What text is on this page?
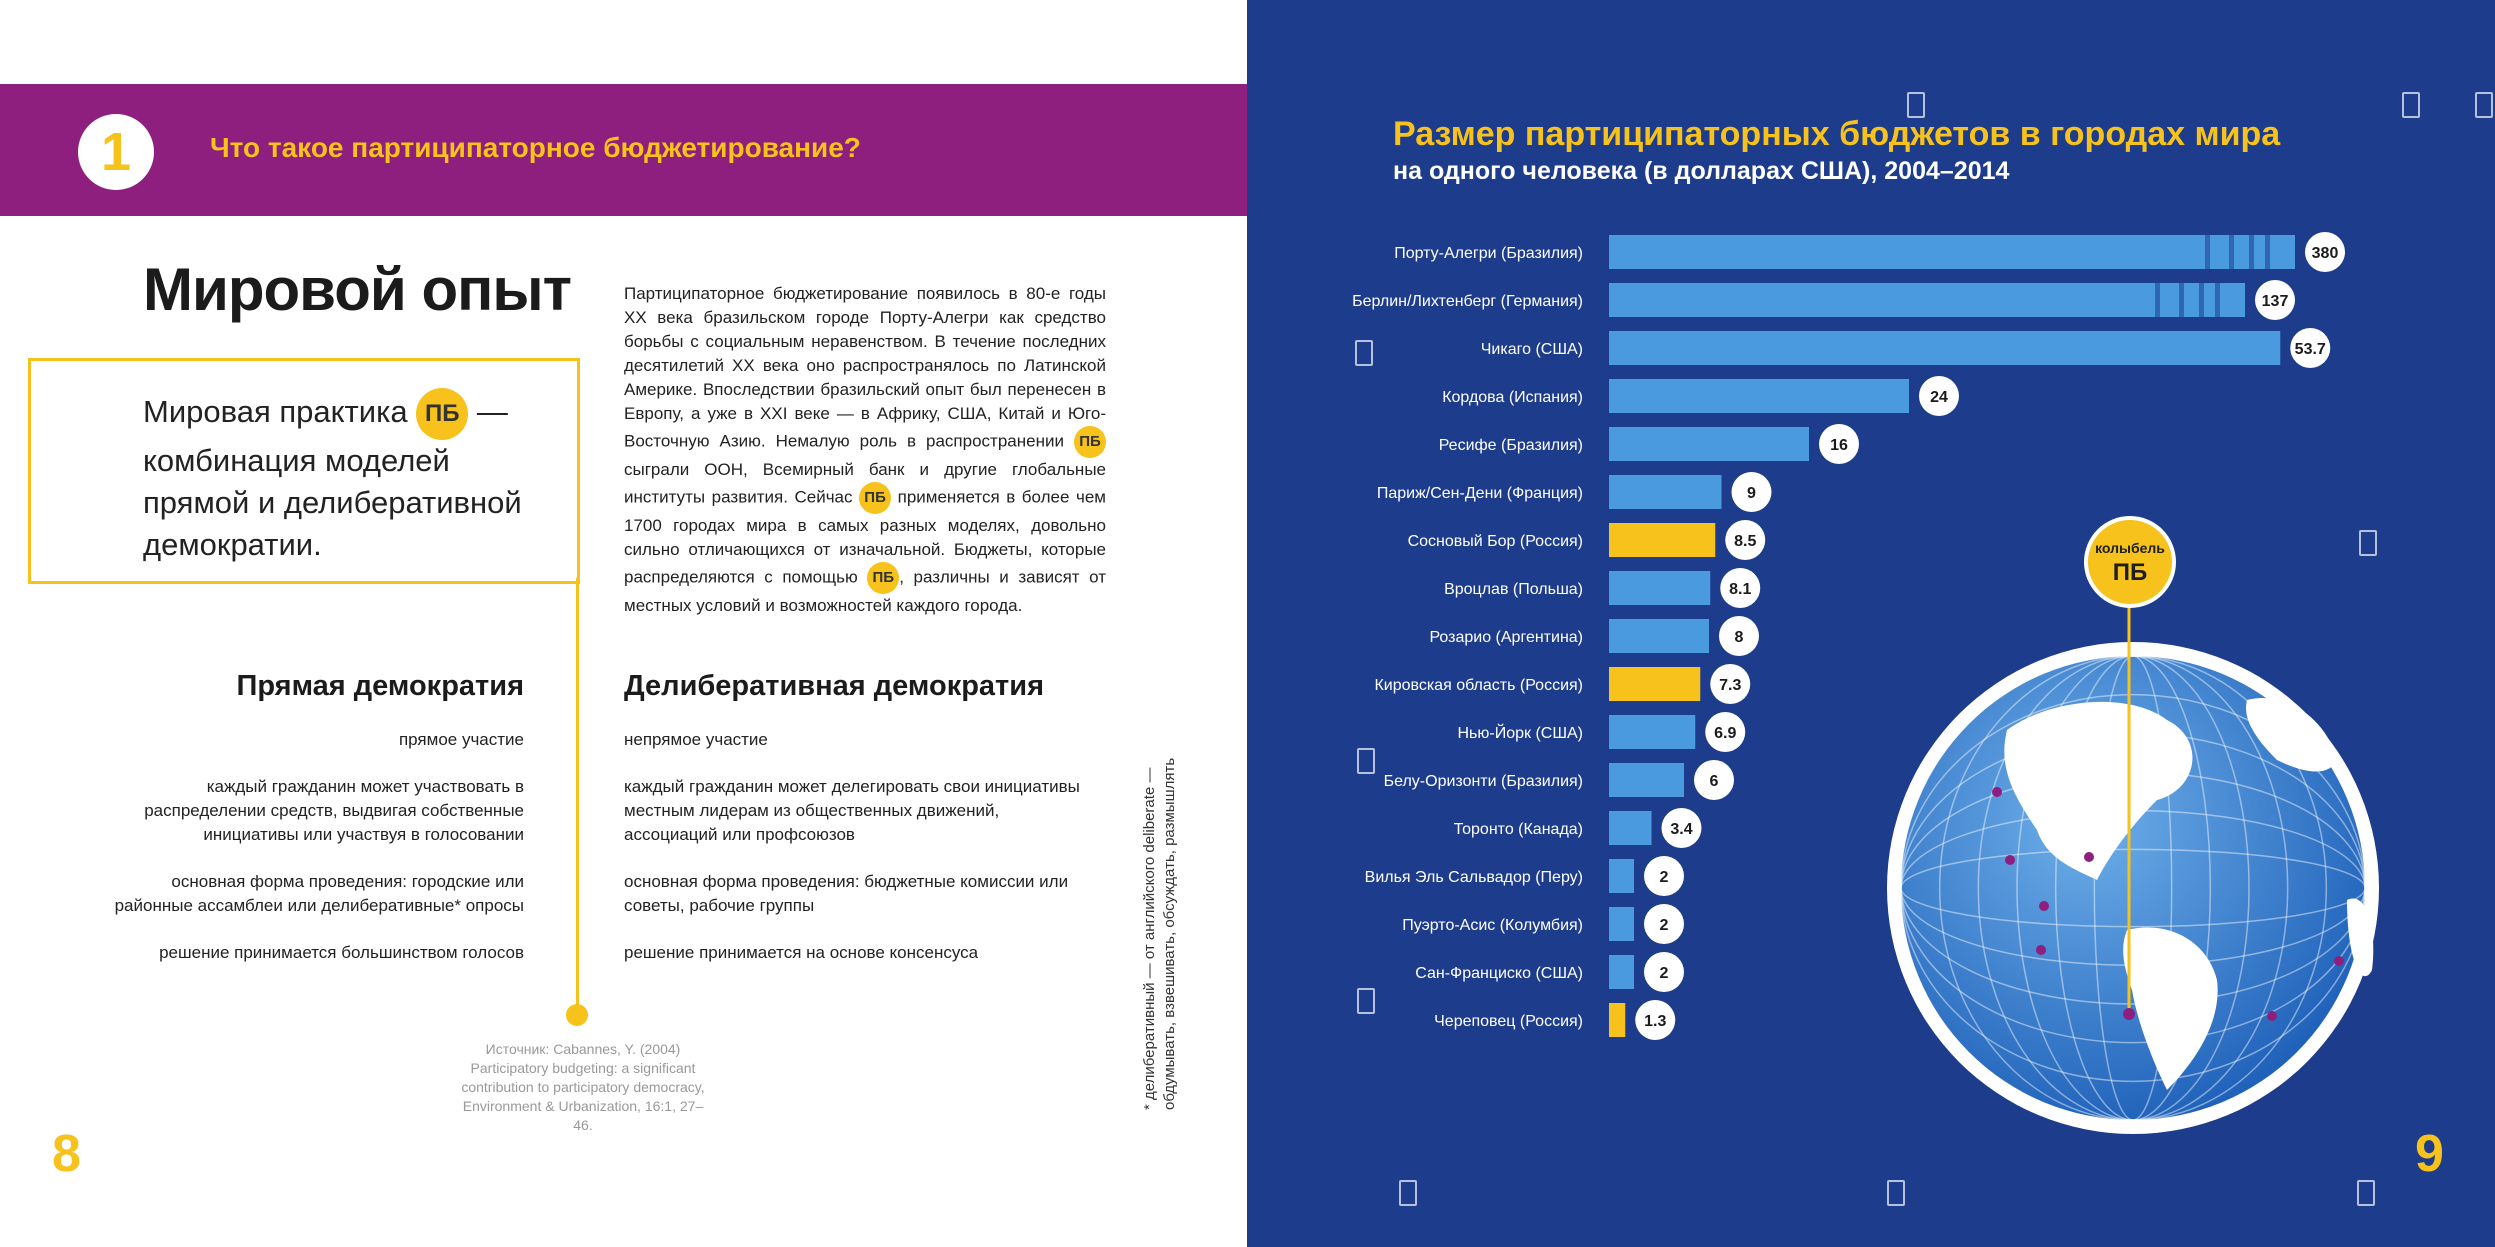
1	Что такое партиципаторное бюджетирование?
Мировой опыт
Мировая практика ПБ — комбинация моделей прямой и делиберативной демократии.
Партиципаторное бюджетирование появилось в 80-е годы XX века бразильском городе Порту-Алегри как средство борьбы с социальным неравенством. В течение последних десятилетий XX века оно распространялось по Латинской Америке. Впоследствии бразильский опыт был перенесен в Европу, а уже в XXI веке — в Африку, США, Китай и Юго-Восточную Азию. Немалую роль в распространении ПБ сыграли ООН, Всемирный банк и другие глобальные институты развития. Сейчас ПБ применяется в более чем 1700 городах мира в самых разных моделях, довольно сильно отличающихся от изначальной. Бюджеты, которые распределяются с помощью ПБ , различны и зависят от местных условий и возможностей каждого города.
Прямая демократия

прямое участие

каждый гражданин может участвовать в распределении средств, выдвигая собственные инициативы или участвуя в голосовании

основная форма проведения: городские или районные ассамблеи или делиберативные* опросы

решение принимается большинством голосов

Делиберативная демократия

непрямое участие

каждый гражданин может делегировать свои инициативы местным лидерам из общественных движений, ассоциаций или профсоюзов

основная форма проведения: бюджетные комиссии или советы, рабочие группы

решение принимается на основе консенсуса

Источник: Cabannes, Y. (2004) Participatory budgeting: a significant contribution to participatory democracy, Environment & Urbanization, 16:1, 27–46.
* делиберативный — от английского deliberate — обдумывать, взвешивать, обсуждать, размышлять
8
колыбель
ПБ
Порту-Алегри (Бразилия)	380
Берлин/Лихтенберг (Германия)	137
Чикаго (США)	53.7
Кордова (Испания)	24
Ресифе (Бразилия)	16
Париж/Сен-Дени (Франция)	9
Сосновый Бор (Россия)	8.5
Вроцлав (Польша)	8.1
Розарио (Аргентина)	8
Кировская область (Россия)	7.3
Нью-Йорк (США)	6.9
Белу-Оризонти (Бразилия)	6
Торонто (Канада)	3.4
Вилья Эль Сальвадор (Перу)	2
Пуэрто-Асис (Колумбия)	2
Сан-Франциско (США)	2
Череповец (Россия)	1.3
Размер партиципаторных бюджетов в городах мира
на одного человека (в долларах США), 2004–2014
9
